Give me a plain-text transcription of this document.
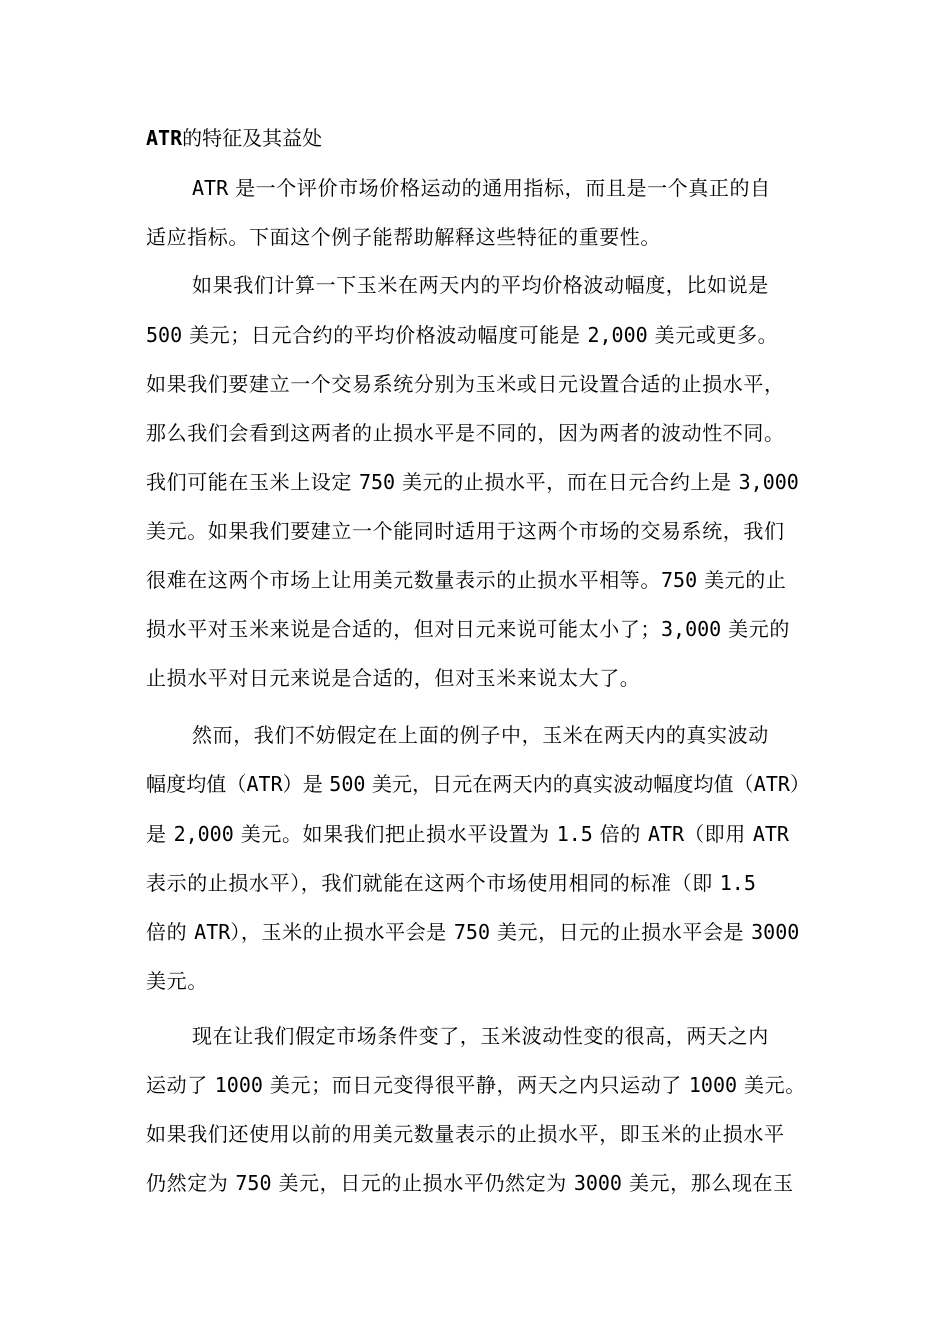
ATR的特征及其益处
ATR 是一个评价市场价格运动的通用指标，而且是一个真正的自
适应指标。下面这个例子能帮助解释这些特征的重要性。
如果我们计算一下玉米在两天内的平均价格波动幅度，比如说是
500 美元；日元合约的平均价格波动幅度可能是 2,000 美元或更多。
如果我们要建立一个交易系统分别为玉米或日元设置合适的止损水平，
那么我们会看到这两者的止损水平是不同的，因为两者的波动性不同。
我们可能在玉米上设定 750 美元的止损水平，而在日元合约上是 3,000
美元。如果我们要建立一个能同时适用于这两个市场的交易系统，我们
很难在这两个市场上让用美元数量表示的止损水平相等。750 美元的止
损水平对玉米来说是合适的，但对日元来说可能太小了；3,000 美元的
止损水平对日元来说是合适的，但对玉米来说太大了。
然而，我们不妨假定在上面的例子中，玉米在两天内的真实波动
幅度均值（ATR）是 500 美元，日元在两天内的真实波动幅度均值（ATR）
是 2,000 美元。如果我们把止损水平设置为 1.5 倍的 ATR（即用 ATR
表示的止损水平），我们就能在这两个市场使用相同的标准（即 1.5
倍的 ATR），玉米的止损水平会是 750 美元，日元的止损水平会是 3000
美元。
现在让我们假定市场条件变了，玉米波动性变的很高，两天之内
运动了 1000 美元；而日元变得很平静，两天之内只运动了 1000 美元。
如果我们还使用以前的用美元数量表示的止损水平，即玉米的止损水平
仍然定为 750 美元，日元的止损水平仍然定为 3000 美元，那么现在玉
